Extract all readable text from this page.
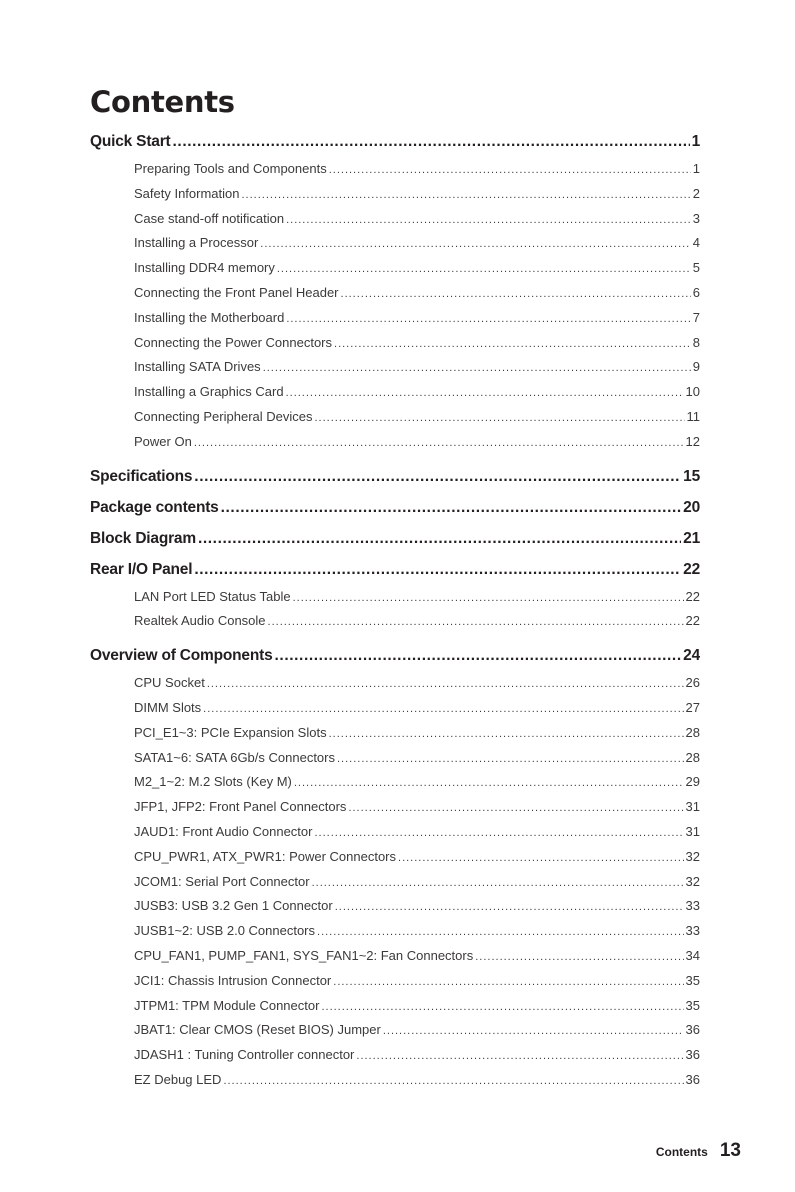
Contents
Quick Start .....	1
Preparing Tools and Components .....	1
Safety Information .....	2
Case stand-off notification .....	3
Installing a Processor .....	4
Installing DDR4 memory .....	5
Connecting the Front Panel Header .....	6
Installing the Motherboard .....	7
Connecting the Power Connectors .....	8
Installing SATA Drives .....	9
Installing a Graphics Card .....	10
Connecting Peripheral Devices .....	11
Power On .....	12
Specifications .....	15
Package contents .....	20
Block Diagram .....	21
Rear I/O Panel .....	22
LAN Port LED Status Table .....	22
Realtek Audio Console .....	22
Overview of Components .....	24
CPU Socket .....	26
DIMM Slots .....	27
PCI_E1~3: PCIe Expansion Slots .....	28
SATA1~6: SATA 6Gb/s Connectors .....	28
M2_1~2: M.2 Slots (Key M) .....	29
JFP1, JFP2: Front Panel Connectors .....	31
JAUD1: Front Audio Connector .....	31
CPU_PWR1, ATX_PWR1: Power Connectors .....	32
JCOM1: Serial Port Connector .....	32
JUSB3: USB 3.2 Gen 1 Connector .....	33
JUSB1~2: USB 2.0 Connectors .....	33
CPU_FAN1, PUMP_FAN1, SYS_FAN1~2: Fan Connectors .....	34
JCI1: Chassis Intrusion Connector .....	35
JTPM1: TPM Module Connector .....	35
JBAT1: Clear CMOS (Reset BIOS) Jumper .....	36
JDASH1 : Tuning Controller connector .....	36
EZ Debug LED .....	36
Contents 13
